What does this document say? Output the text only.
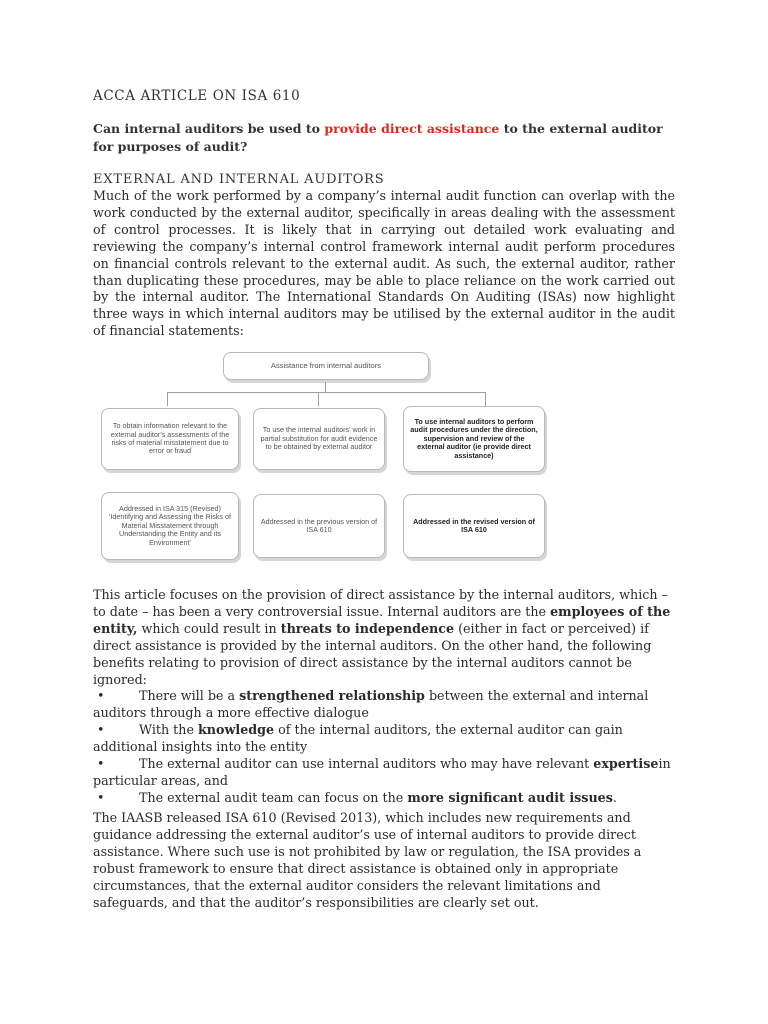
ACCA ARTICLE ON ISA 610
Can internal auditors be used to provide direct assistance to the external auditor for purposes of audit?
EXTERNAL AND INTERNAL AUDITORS
Much of the work performed by a company’s internal audit function can overlap with the work conducted by the external auditor, specifically in areas dealing with the assessment of control processes. It is likely that in carrying out detailed work evaluating and reviewing the company’s internal control framework internal audit perform procedures on financial controls relevant to the external audit. As such, the external auditor, rather than duplicating these procedures, may be able to place reliance on the work carried out by the internal auditor. The International Standards On Auditing (ISAs) now highlight three ways in which internal auditors may be utilised by the external auditor in the audit of financial statements:
This article focuses on the provision of direct assistance by the internal auditors, which – to date – has been a very controversial issue. Internal auditors are the employees of the entity, which could result in threats to independence (either in fact or perceived) if direct assistance is provided by the internal auditors. On the other hand, the following benefits relating to provision of direct assistance by the internal auditors cannot be ignored:
•	There will be a strengthened relationship between the external and internal auditors through a more effective dialogue
•	With the knowledge of the internal auditors, the external auditor can gain additional insights into the entity
•	The external auditor can use internal auditors who may have relevant expertisein particular areas, and
•	The external audit team can focus on the more significant audit issues.
The IAASB released ISA 610 (Revised 2013), which includes new requirements and guidance addressing the external auditor’s use of internal auditors to provide direct assistance. Where such use is not prohibited by law or regulation, the ISA provides a robust framework to ensure that direct assistance is obtained only in appropriate circumstances, that the external auditor considers the relevant limitations and safeguards, and that the auditor’s responsibilities are clearly set out.
Assistance from internal auditors
To obtain information relevant to the external auditor's assessments of the risks of material misstatement due to error or fraud
To use the internal auditors' work in partial substitution for audit evidence to be obtained by external auditor
To use internal auditors to perform audit procedures under the direction, supervision and review of the external auditor (ie provide direct assistance)
Addressed in ISA 315 (Revised) 'Identifying and Assessing the Risks of Material Misstatement through Understanding the Entity and its Environment'
Addressed in the previous version of ISA 610
Addressed in the revised version of ISA 610
